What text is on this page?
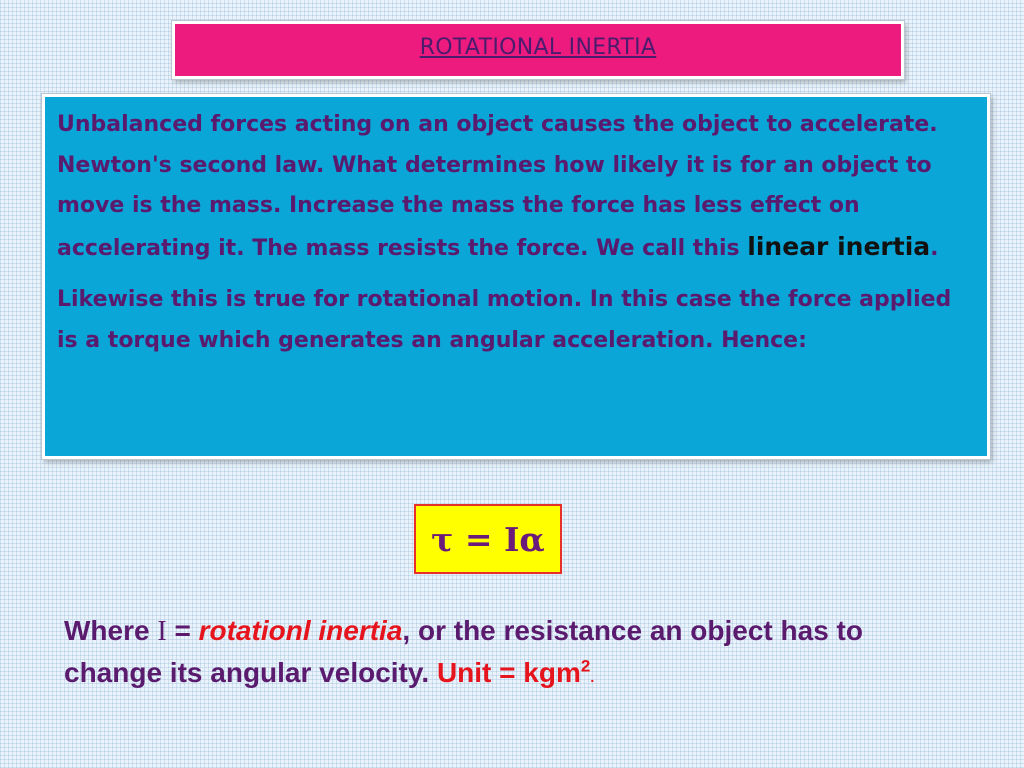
ROTATIONAL INERTIA

Unbalanced forces acting on an object causes the object to accelerate. Newton's second law. What determines how likely it is for an object to move is the mass. Increase the mass the force has less effect on accelerating it. The mass resists the force. We call this linear inertia.

Likewise this is true for rotational motion. In this case the force applied is a torque which generates an angular acceleration. Hence:

τ = Iα
Where I = rotationl inertia, or the resistance an object has to change its angular velocity. Unit = kgm$^2$.
